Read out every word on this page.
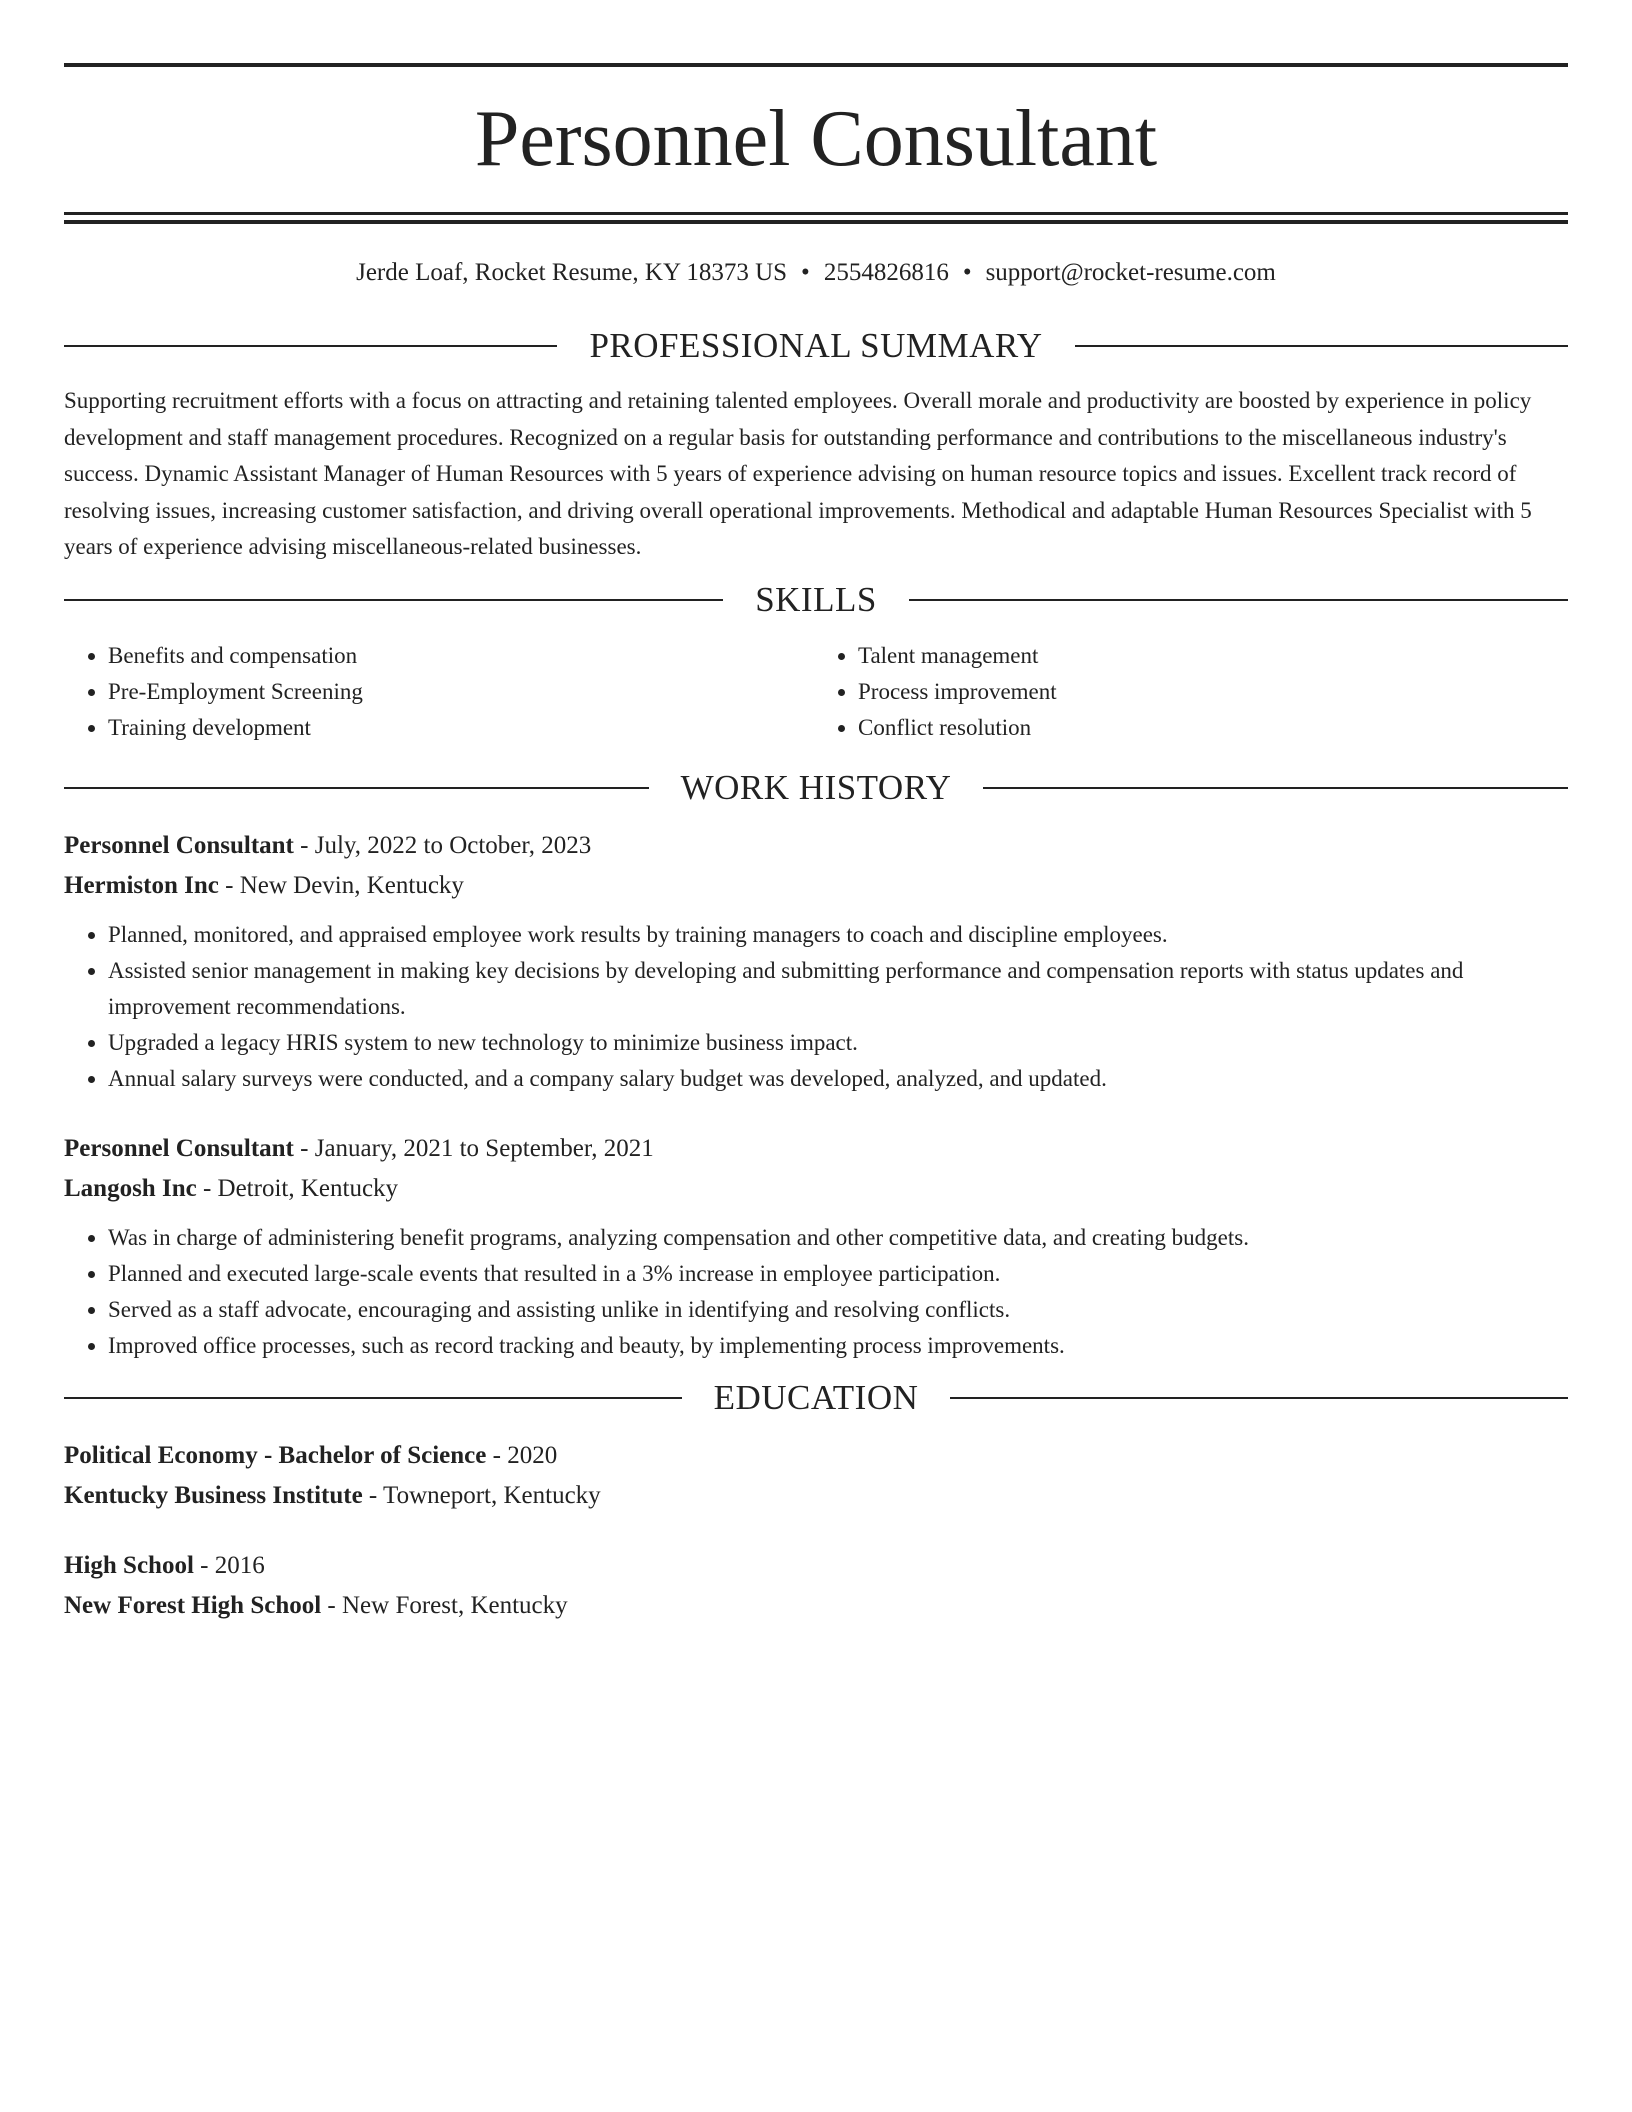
Personnel Consultant
Jerde Loaf, Rocket Resume, KY 18373 US • 2554826816 • support@rocket-resume.com
PROFESSIONAL SUMMARY
Supporting recruitment efforts with a focus on attracting and retaining talented employees. Overall morale and productivity are boosted by experience in policy development and staff management procedures. Recognized on a regular basis for outstanding performance and contributions to the miscellaneous industry's success. Dynamic Assistant Manager of Human Resources with 5 years of experience advising on human resource topics and issues. Excellent track record of resolving issues, increasing customer satisfaction, and driving overall operational improvements. Methodical and adaptable Human Resources Specialist with 5 years of experience advising miscellaneous-related businesses.
SKILLS
• Benefits and compensation
• Pre-Employment Screening
• Training development
• Talent management
• Process improvement
• Conflict resolution
WORK HISTORY
Personnel Consultant - July, 2022 to October, 2023
Hermiston Inc - New Devin, Kentucky
• Planned, monitored, and appraised employee work results by training managers to coach and discipline employees.
• Assisted senior management in making key decisions by developing and submitting performance and compensation reports with status updates and improvement recommendations.
• Upgraded a legacy HRIS system to new technology to minimize business impact.
• Annual salary surveys were conducted, and a company salary budget was developed, analyzed, and updated.
Personnel Consultant - January, 2021 to September, 2021
Langosh Inc - Detroit, Kentucky
• Was in charge of administering benefit programs, analyzing compensation and other competitive data, and creating budgets.
• Planned and executed large-scale events that resulted in a 3% increase in employee participation.
• Served as a staff advocate, encouraging and assisting unlike in identifying and resolving conflicts.
• Improved office processes, such as record tracking and beauty, by implementing process improvements.
EDUCATION
Political Economy - Bachelor of Science - 2020
Kentucky Business Institute - Towneport, Kentucky
High School - 2016
New Forest High School - New Forest, Kentucky
